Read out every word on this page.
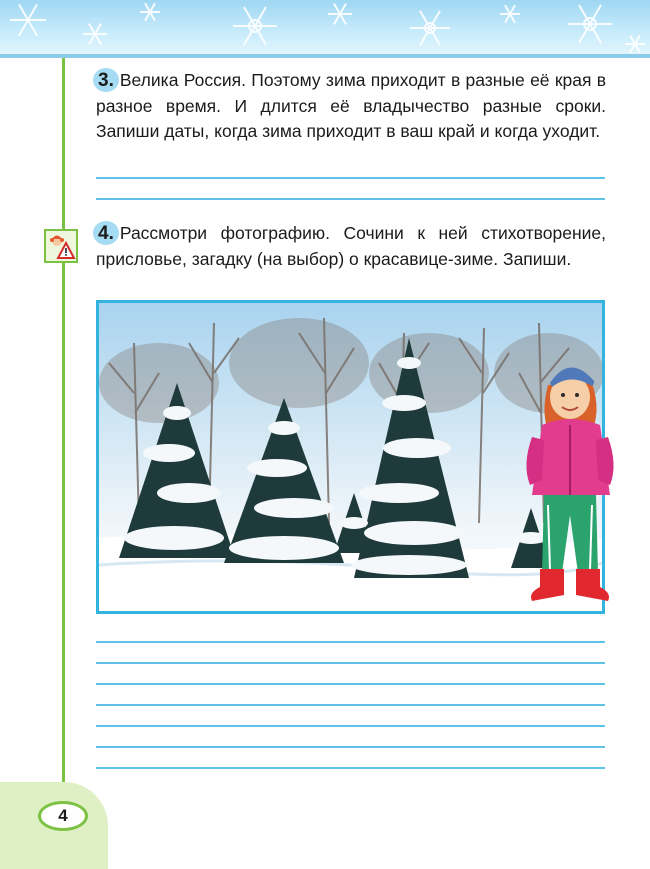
3. Велика Россия. Поэтому зима приходит в разные её края в разное время. И длится её владычество разные сроки. Запиши даты, когда зима приходит в ваш край и когда уходит.
4. Рассмотри фотографию. Сочини к ней стихотворение, присловье, загадку (на выбор) о красавице-зиме. Запиши.
4
